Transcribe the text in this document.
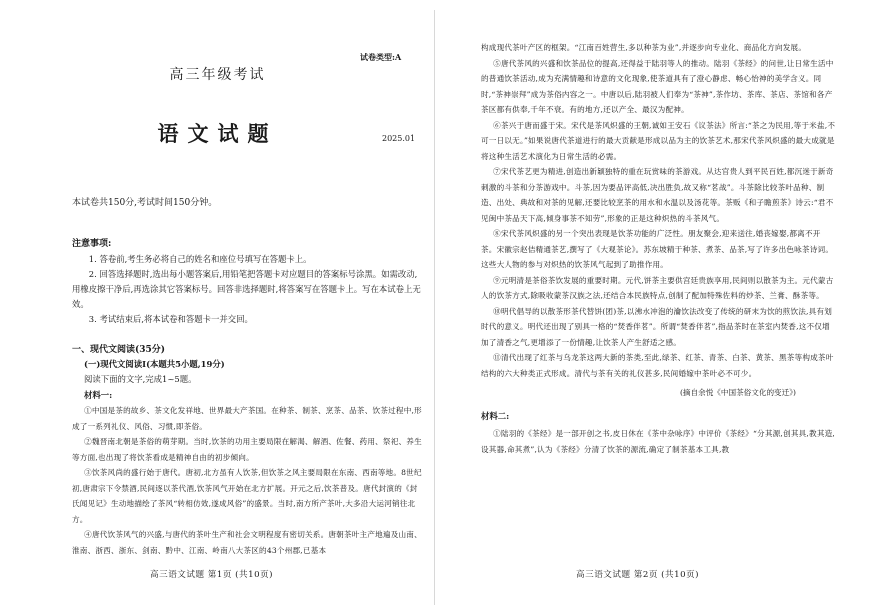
试卷类型:A
高三年级考试
语文试题	2025.01
本试卷共150分,考试时间150分钟。
注意事项:

1. 答卷前,考生务必将自己的姓名和座位号填写在答题卡上。

2. 回答选择题时,选出每小题答案后,用铅笔把答题卡对应题目的答案标号涂黑。如需改动,用橡皮擦干净后,再选涂其它答案标号。回答非选择题时,将答案写在答题卡上。写在本试卷上无效。

3. 考试结束后,将本试卷和答题卡一并交回。

一、现代文阅读(35分)
(一)现代文阅读Ⅰ(本题共5小题,19分)
阅读下面的文字,完成1~5题。
材料一:

①中国是茶的故乡、茶文化发祥地、世界最大产茶国。在种茶、制茶、烹茶、品茶、饮茶过程中,形成了一系列礼仪、风俗、习惯,即茶俗。

②魏晋南北朝是茶俗的萌芽期。当时,饮茶的功用主要局限在解渴、解酒、佐餐、药用、祭祀、养生等方面,也出现了将饮茶看成是精神自由的初步倾向。

③饮茶风尚的盛行始于唐代。唐初,北方虽有人饮茶,但饮茶之风主要局限在东南、西南等地。8世纪初,唐肃宗下令禁酒,民间逐以茶代酒,饮茶风气开始在北方扩展。开元之后,饮茶普及。唐代封演的《封氏闻见记》生动地描绘了茶风“转相仿效,遂成风俗”的盛景。当时,南方所产茶叶,大多沿大运河销往北方。

④唐代饮茶风气的兴盛,与唐代的茶叶生产和社会文明程度有密切关系。唐朝茶叶主产地遍及山南、淮南、浙西、浙东、剑南、黔中、江南、岭南八大茶区的43个州郡,已基本

高三语文试题 第1页 (共10页)

构成现代茶叶产区的框架。“江南百姓营生,多以种茶为业”,并逐步向专业化、商品化方向发展。

⑤唐代茶风的兴盛和饮茶品位的提高,还得益于陆羽等人的推动。陆羽《茶经》的问世,让日常生活中的普通饮茶活动,成为充满情趣和诗意的文化现象,使茶道具有了澄心静虑、畅心怡神的美学含义。同时,“茶神崇拜”成为茶俗内容之一。中唐以后,陆羽被人们奉为“茶神”,茶作坊、茶库、茶店、茶馆和各产茶区都有供奉,千年不衰。有的地方,还以产全、最汉为配神。

⑥茶兴于唐而盛于宋。宋代是茶风炽盛的王朝,诚如王安石《议茶法》所言:“茶之为民用,等于米盐,不可一日以无。”如果说唐代茶道进行的最大贡献是形成以品为主的饮茶艺术,那宋代茶风炽盛的最大成就是将这种生活艺术演化为日常生活的必需。

⑦宋代茶艺更为精进,创造出新颖独特的重在玩赏味的茶游戏。从达官贵人到平民百姓,都沉迷于新奇刺激的斗茶和分茶游戏中。斗茶,因为要品评高低,决出胜负,故又称“茗战”。斗茶除比较茶叶品种、制造、出处、典故和对茶的见解,还要比较烹茶的用水和水温以及汤花等。茶贩《和子瞻煎茶》诗云:“君不见闽中茶品天下高,倾身事茶不知劳”,形象的正是这种炽热的斗茶风气。

⑧宋代茶风炽盛的另一个突出表现是饮茶功能的广泛性。朋友聚会,迎来送往,婚丧嫁娶,都离不开茶。宋徽宗赵佶精通茶艺,撰写了《大观茶论》。苏东坡精于种茶、煮茶、品茶,写了许多出色咏茶诗词。这些大人物的参与对炽热的饮茶风气起到了助推作用。

⑨元明清是茶俗茶饮发展的重要时期。元代,饼茶主要供宫廷贵族享用,民间则以散茶为主。元代蒙古人的饮茶方式,除吸收蒙茶汉族之法,还结合本民族特点,创制了配加特殊佐料的炒茶、兰膏、酥茶等。

⑩明代倡导的以散茶形茶代替饼(团)茶,以沸水冲泡的瀹饮法改变了传统的研末为饮的煎饮法,具有划时代的意义。明代还出现了别具一格的“焚香伴茗”。所谓“焚香伴茗”,指品茶时在茶室内焚香,这不仅增加了清香之气,更增添了一份情趣,让饮茶人产生舒适之感。

⑪清代出现了红茶与乌龙茶这两大新的茶类,至此,绿茶、红茶、青茶、白茶、黄茶、黑茶等构成茶叶结构的六大种类正式形成。清代与茶有关的礼仪甚多,民间婚嫁中茶叶必不可少。

(摘自余悦《中国茶俗文化的变迁》)

材料二:

①陆羽的《茶经》是一部开创之书,皮日休在《茶中杂咏序》中评价《茶经》“分其源,创其具,教其造,设其器,命其煮”,认为《茶经》分清了饮茶的源流,确定了制茶基本工具,教

高三语文试题 第2页 (共10页)
